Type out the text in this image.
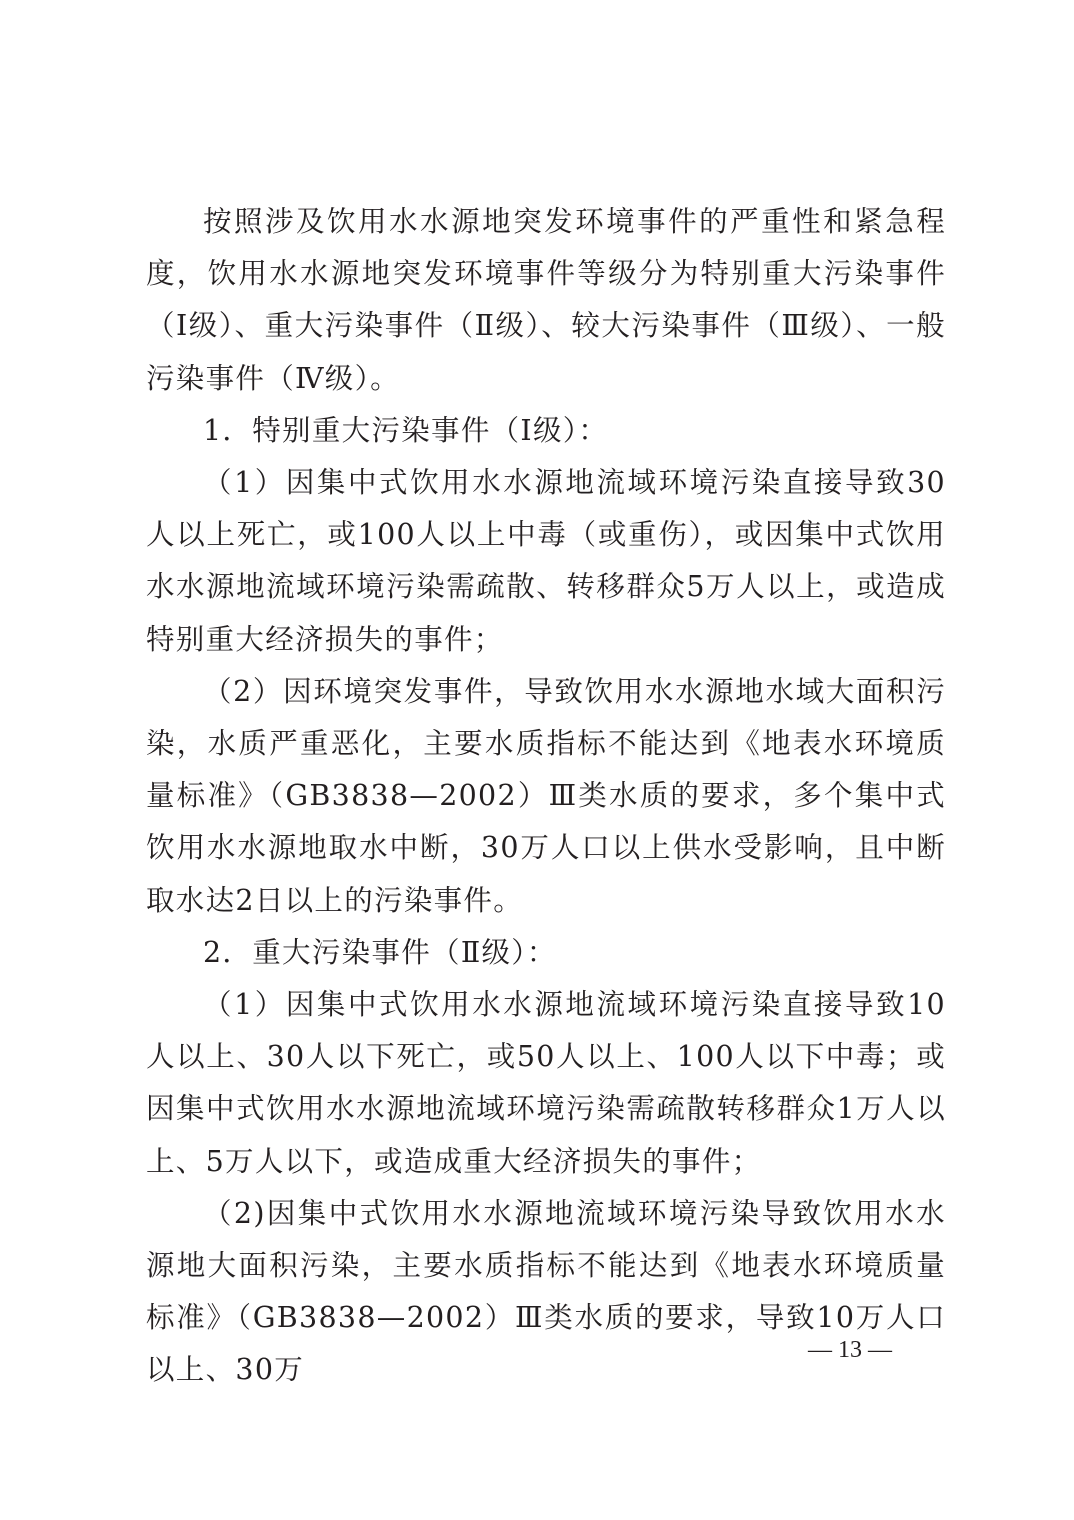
按照涉及饮用水水源地突发环境事件的严重性和紧急程度，饮用水水源地突发环境事件等级分为特别重大污染事件（Ⅰ级）、重大污染事件（Ⅱ级）、较大污染事件（Ⅲ级）、一般污染事件（Ⅳ级）。

1．特别重大污染事件（Ⅰ级）：

（1）因集中式饮用水水源地流域环境污染直接导致30人以上死亡，或100人以上中毒（或重伤），或因集中式饮用水水源地流域环境污染需疏散、转移群众5万人以上，或造成特别重大经济损失的事件；

（2）因环境突发事件，导致饮用水水源地水域大面积污染，水质严重恶化，主要水质指标不能达到《地表水环境质量标准》（GB3838—2002）Ⅲ类水质的要求，多个集中式饮用水水源地取水中断，30万人口以上供水受影响，且中断取水达2日以上的污染事件。

2．重大污染事件（Ⅱ级）：

（1）因集中式饮用水水源地流域环境污染直接导致10人以上、30人以下死亡，或50人以上、100人以下中毒；或因集中式饮用水水源地流域环境污染需疏散转移群众1万人以上、5万人以下，或造成重大经济损失的事件；

（2)因集中式饮用水水源地流域环境污染导致饮用水水源地大面积污染，主要水质指标不能达到《地表水环境质量标准》（GB3838—2002）Ⅲ类水质的要求，导致10万人口以上、30万

— 13 —
